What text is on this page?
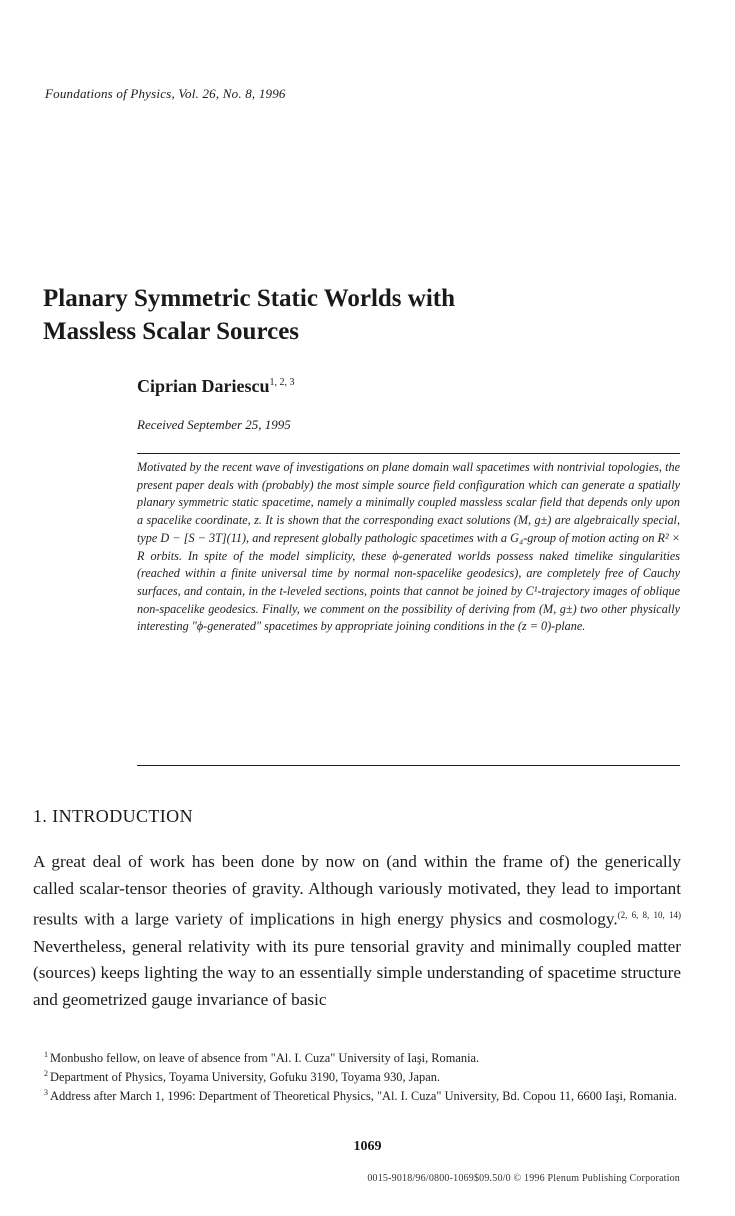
Foundations of Physics, Vol. 26, No. 8, 1996
Planary Symmetric Static Worlds with
Massless Scalar Sources
Ciprian Dariescu$^{1, 2, 3}$
Received September 25, 1995
Motivated by the recent wave of investigations on plane domain wall spacetimes with nontrivial topologies, the present paper deals with (probably) the most simple source field configuration which can generate a spatially planary symmetric static spacetime, namely a minimally coupled massless scalar field that depends only upon a spacelike coordinate, z. It is shown that the corresponding exact solutions (M, g±) are algebraically special, type D − [S − 3T](11), and represent globally pathologic spacetimes with a G₄-group of motion acting on R² × R orbits. In spite of the model simplicity, these ϕ-generated worlds possess naked timelike singularities (reached within a finite universal time by normal non-spacelike geodesics), are completely free of Cauchy surfaces, and contain, in the t-leveled sections, points that cannot be joined by C¹-trajectory images of oblique non-spacelike geodesics. Finally, we comment on the possibility of deriving from (M, g±) two other physically interesting "ϕ-generated" spacetimes by appropriate joining conditions in the (z = 0)-plane.
1. INTRODUCTION
A great deal of work has been done by now on (and within the frame of) the generically called scalar-tensor theories of gravity. Although variously motivated, they lead to important results with a large variety of implications in high energy physics and cosmology.$^{(2, 6, 8, 10, 14)}$ Nevertheless, general relativity with its pure tensorial gravity and minimally coupled matter (sources) keeps lighting the way to an essentially simple understanding of spacetime structure and geometrized gauge invariance of basic
$^1$ Monbusho fellow, on leave of absence from "Al. I. Cuza" University of Iaşi, Romania.
$^2$ Department of Physics, Toyama University, Gofuku 3190, Toyama 930, Japan.
$^3$ Address after March 1, 1996: Department of Theoretical Physics, "Al. I. Cuza" University, Bd. Copou 11, 6600 Iaşi, Romania.
1069
0015-9018/96/0800-1069$09.50/0 © 1996 Plenum Publishing Corporation
